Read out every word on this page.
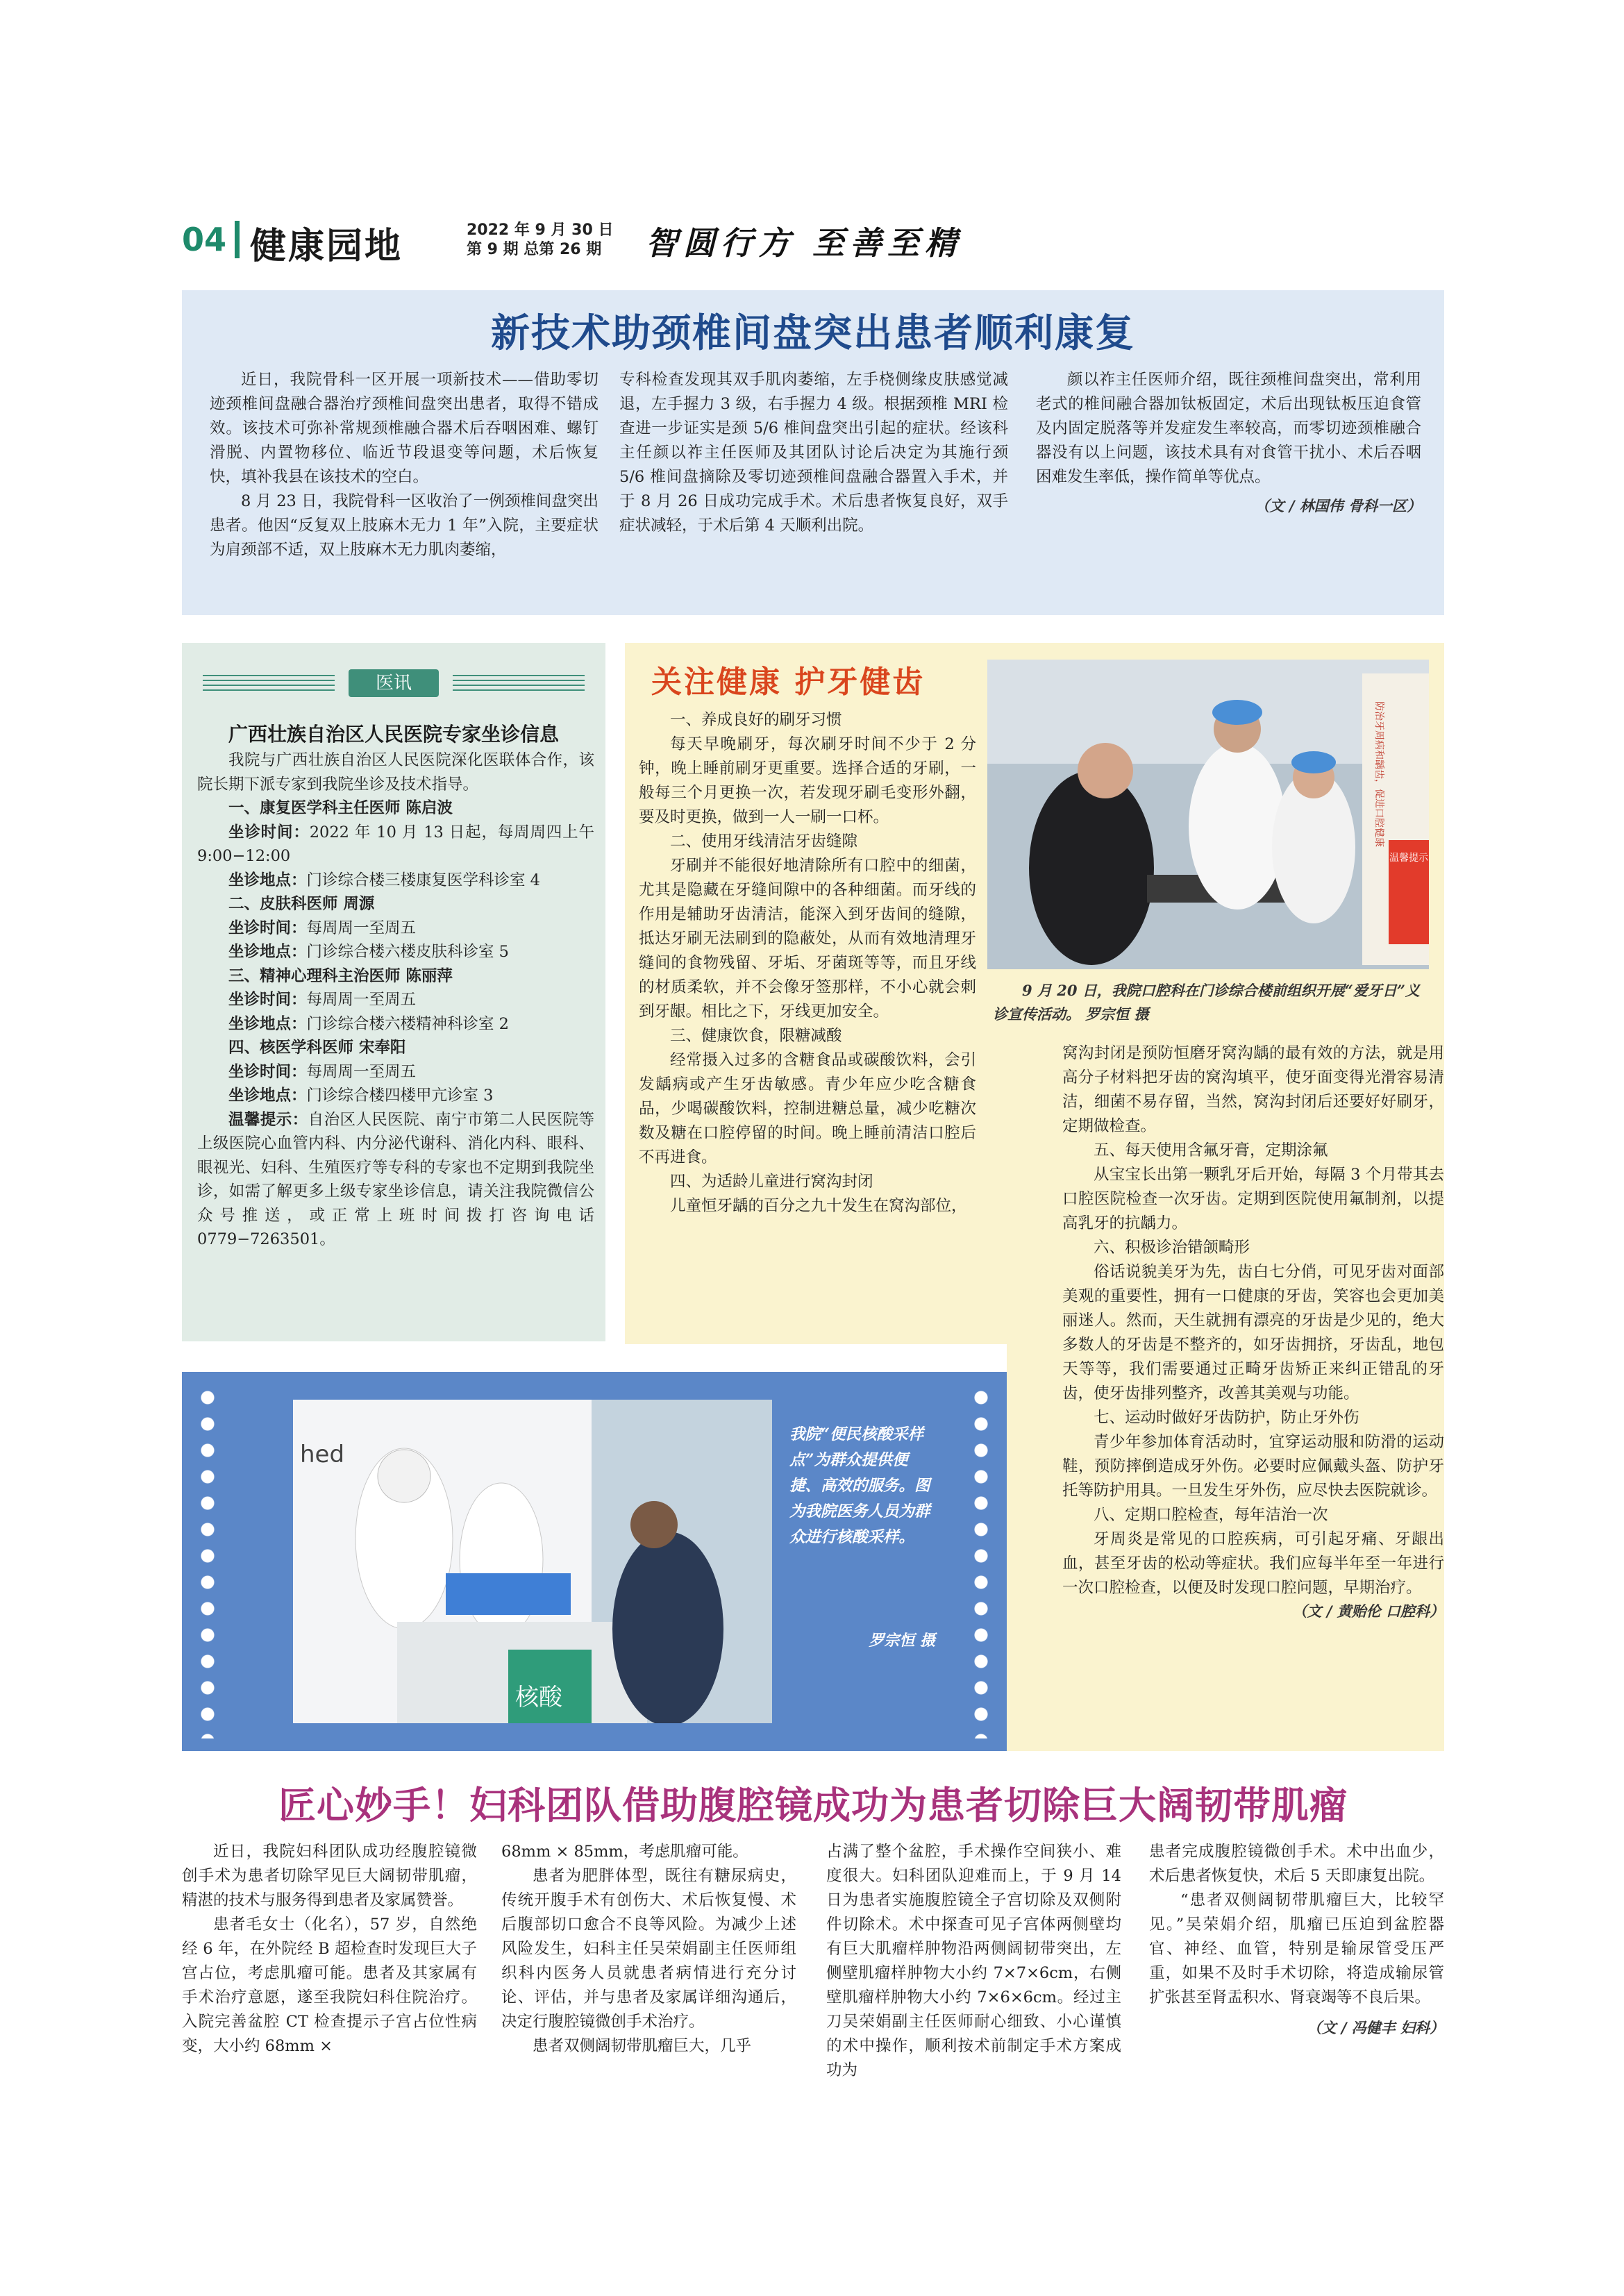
04 健康园地	2022 年 9 月 30 日
第 9 期 总第 26 期	智圆行方 至善至精
新技术助颈椎间盘突出患者顺利康复

近日，我院骨科一区开展一项新技术——借助零切迹颈椎间盘融合器治疗颈椎间盘突出患者，取得不错成效。该技术可弥补常规颈椎融合器术后吞咽困难、螺钉滑脱、内置物移位、临近节段退变等问题，术后恢复快，填补我县在该技术的空白。

8 月 23 日，我院骨科一区收治了一例颈椎间盘突出患者。他因“反复双上肢麻木无力 1 年”入院，主要症状为肩颈部不适，双上肢麻木无力肌肉萎缩，

专科检查发现其双手肌肉萎缩，左手桡侧缘皮肤感觉减退，左手握力 3 级，右手握力 4 级。根据颈椎 MRI 检查进一步证实是颈 5/6 椎间盘突出引起的症状。经该科主任颜以祚主任医师及其团队讨论后决定为其施行颈 5/6 椎间盘摘除及零切迹颈椎间盘融合器置入手术，并于 8 月 26 日成功完成手术。术后患者恢复良好，双手症状减轻，于术后第 4 天顺利出院。

颜以祚主任医师介绍，既往颈椎间盘突出，常利用老式的椎间融合器加钛板固定，术后出现钛板压迫食管及内固定脱落等并发症发生率较高，而零切迹颈椎融合器没有以上问题，该技术具有对食管干扰小、术后吞咽困难发生率低，操作简单等优点。

（文 / 林国伟 骨科一区）
医讯
广西壮族自治区人民医院专家坐诊信息

我院与广西壮族自治区人民医院深化医联体合作，该院长期下派专家到我院坐诊及技术指导。

一、康复医学科主任医师 陈启波

坐诊时间：2022 年 10 月 13 日起，每周周四上午 9:00−12:00

坐诊地点：门诊综合楼三楼康复医学科诊室 4

二、皮肤科医师 周源

坐诊时间：每周周一至周五

坐诊地点：门诊综合楼六楼皮肤科诊室 5

三、精神心理科主治医师 陈丽萍

坐诊时间：每周周一至周五

坐诊地点：门诊综合楼六楼精神科诊室 2

四、核医学科医师 宋奉阳

坐诊时间：每周周一至周五

坐诊地点：门诊综合楼四楼甲亢诊室 3

温馨提示：自治区人民医院、南宁市第二人民医院等上级医院心血管内科、内分泌代谢科、消化内科、眼科、眼视光、妇科、生殖医疗等专科的专家也不定期到我院坐诊，如需了解更多上级专家坐诊信息，请关注我院微信公众号推送，或正常上班时间拨打咨询电话 0779−7263501。

关注健康 护牙健齿
温馨提示
防治牙周病和龋齿，促进口腔健康
9 月 20 日，我院口腔科在门诊综合楼前组织开展“爱牙日”义诊宣传活动。 罗宗恒 摄

一、养成良好的刷牙习惯

每天早晚刷牙，每次刷牙时间不少于 2 分钟，晚上睡前刷牙更重要。选择合适的牙刷，一般每三个月更换一次，若发现牙刷毛变形外翻，要及时更换，做到一人一刷一口杯。

二、使用牙线清洁牙齿缝隙

牙刷并不能很好地清除所有口腔中的细菌，尤其是隐藏在牙缝间隙中的各种细菌。而牙线的作用是辅助牙齿清洁，能深入到牙齿间的缝隙，抵达牙刷无法刷到的隐蔽处，从而有效地清理牙缝间的食物残留、牙垢、牙菌斑等等，而且牙线的材质柔软，并不会像牙签那样，不小心就会刺到牙龈。相比之下，牙线更加安全。

三、健康饮食，限糖减酸

经常摄入过多的含糖食品或碳酸饮料，会引发龋病或产生牙齿敏感。青少年应少吃含糖食品，少喝碳酸饮料，控制进糖总量，减少吃糖次数及糖在口腔停留的时间。晚上睡前清洁口腔后不再进食。

四、为适龄儿童进行窝沟封闭

儿童恒牙龋的百分之九十发生在窝沟部位，

窝沟封闭是预防恒磨牙窝沟龋的最有效的方法，就是用高分子材料把牙齿的窝沟填平，使牙面变得光滑容易清洁，细菌不易存留，当然，窝沟封闭后还要好好刷牙，定期做检查。

五、每天使用含氟牙膏，定期涂氟

从宝宝长出第一颗乳牙后开始，每隔 3 个月带其去口腔医院检查一次牙齿。定期到医院使用氟制剂，以提高乳牙的抗龋力。

六、积极诊治错颌畸形

俗话说貌美牙为先，齿白七分俏，可见牙齿对面部美观的重要性，拥有一口健康的牙齿，笑容也会更加美丽迷人。然而，天生就拥有漂亮的牙齿是少见的，绝大多数人的牙齿是不整齐的，如牙齿拥挤，牙齿乱，地包天等等，我们需要通过正畸牙齿矫正来纠正错乱的牙齿，使牙齿排列整齐，改善其美观与功能。

七、运动时做好牙齿防护，防止牙外伤

青少年参加体育活动时，宜穿运动服和防滑的运动鞋，预防摔倒造成牙外伤。必要时应佩戴头盔、防护牙托等防护用具。一旦发生牙外伤，应尽快去医院就诊。

八、定期口腔检查，每年洁治一次

牙周炎是常见的口腔疾病，可引起牙痛、牙龈出血，甚至牙齿的松动等症状。我们应每半年至一年进行一次口腔检查，以便及时发现口腔问题，早期治疗。

（文 / 黄贻伦 口腔科）
hed
核酸
我院“便民核酸采样点”为群众提供便捷、高效的服务。图为我院医务人员为群众进行核酸采样。
罗宗恒 摄
匠心妙手！妇科团队借助腹腔镜成功为患者切除巨大阔韧带肌瘤

近日，我院妇科团队成功经腹腔镜微创手术为患者切除罕见巨大阔韧带肌瘤，精湛的技术与服务得到患者及家属赞誉。

患者毛女士（化名），57 岁，自然绝经 6 年，在外院经 B 超检查时发现巨大子宫占位，考虑肌瘤可能。患者及其家属有手术治疗意愿，遂至我院妇科住院治疗。入院完善盆腔 CT 检查提示子宫占位性病变，大小约 68mm ×

68mm × 85mm，考虑肌瘤可能。

患者为肥胖体型，既往有糖尿病史，传统开腹手术有创伤大、术后恢复慢、术后腹部切口愈合不良等风险。为减少上述风险发生，妇科主任吴荣娟副主任医师组织科内医务人员就患者病情进行充分讨论、评估，并与患者及家属详细沟通后，决定行腹腔镜微创手术治疗。

患者双侧阔韧带肌瘤巨大，几乎

占满了整个盆腔，手术操作空间狭小、难度很大。妇科团队迎难而上，于 9 月 14 日为患者实施腹腔镜全子宫切除及双侧附件切除术。术中探查可见子宫体两侧壁均有巨大肌瘤样肿物沿两侧阔韧带突出，左侧壁肌瘤样肿物大小约 7×7×6cm，右侧壁肌瘤样肿物大小约 7×6×6cm。经过主刀吴荣娟副主任医师耐心细致、小心谨慎的术中操作，顺利按术前制定手术方案成功为

患者完成腹腔镜微创手术。术中出血少，术后患者恢复快，术后 5 天即康复出院。

“患者双侧阔韧带肌瘤巨大，比较罕见。”吴荣娟介绍，肌瘤已压迫到盆腔器官、神经、血管，特别是输尿管受压严重，如果不及时手术切除，将造成输尿管扩张甚至肾盂积水、肾衰竭等不良后果。

（文 / 冯健丰 妇科）
